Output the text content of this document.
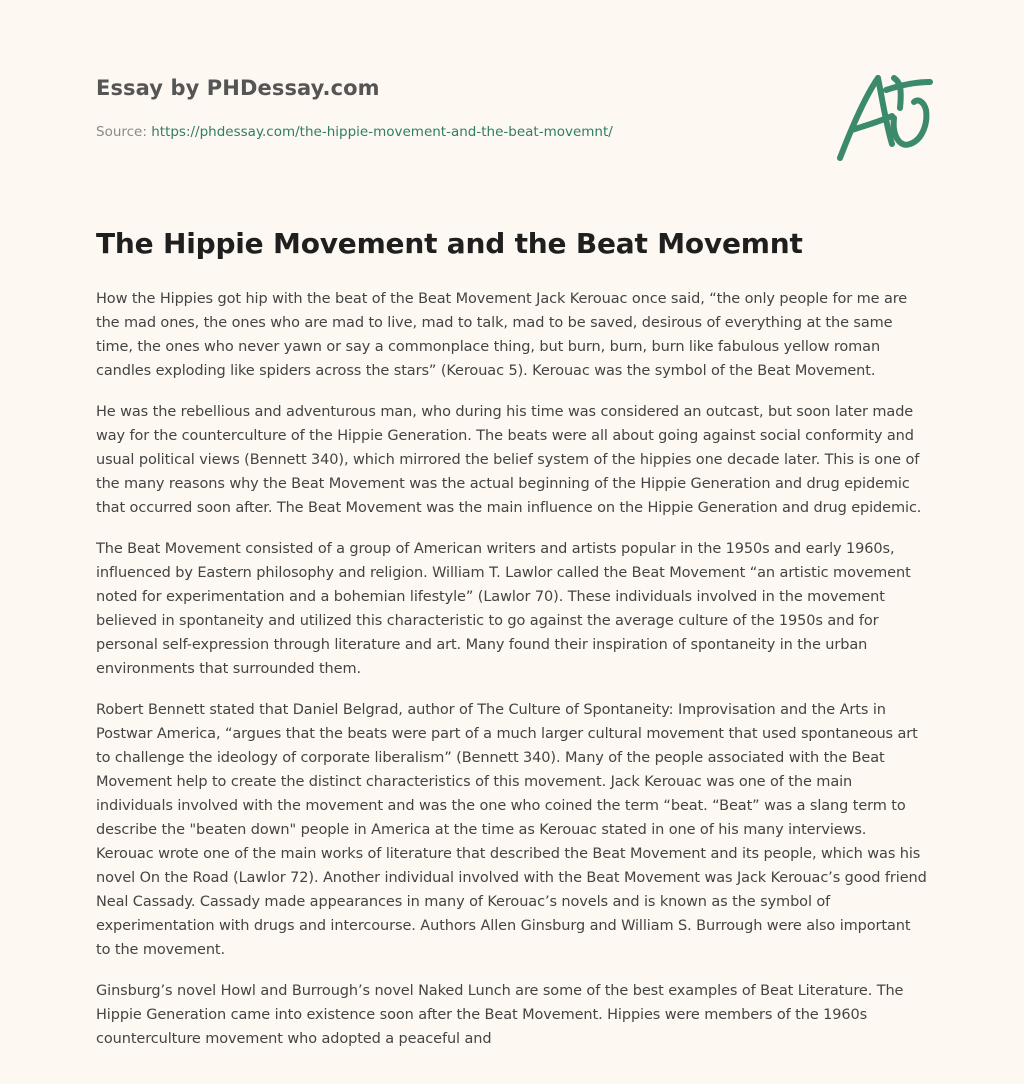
Essay by PHDessay.com
Source: https://phdessay.com/the-hippie-movement-and-the-beat-movemnt/
The Hippie Movement and the Beat Movemnt

How the Hippies got hip with the beat of the Beat Movement Jack Kerouac once said, “the only people for me are the mad ones, the ones who are mad to live, mad to talk, mad to be saved, desirous of everything at the same time, the ones who never yawn or say a commonplace thing, but burn, burn, burn like fabulous yellow roman candles exploding like spiders across the stars” (Kerouac 5). Kerouac was the symbol of the Beat Movement.

He was the rebellious and adventurous man, who during his time was considered an outcast, but soon later made way for the counterculture of the Hippie Generation. The beats were all about going against social conformity and usual political views (Bennett 340), which mirrored the belief system of the hippies one decade later. This is one of the many reasons why the Beat Movement was the actual beginning of the Hippie Generation and drug epidemic that occurred soon after. The Beat Movement was the main influence on the Hippie Generation and drug epidemic.

The Beat Movement consisted of a group of American writers and artists popular in the 1950s and early 1960s, influenced by Eastern philosophy and religion. William T. Lawlor called the Beat Movement “an artistic movement noted for experimentation and a bohemian lifestyle” (Lawlor 70). These individuals involved in the movement believed in spontaneity and utilized this characteristic to go against the average culture of the 1950s and for personal self-expression through literature and art. Many found their inspiration of spontaneity in the urban environments that surrounded them.

Robert Bennett stated that Daniel Belgrad, author of The Culture of Spontaneity: Improvisation and the Arts in Postwar America, “argues that the beats were part of a much larger cultural movement that used spontaneous art to challenge the ideology of corporate liberalism” (Bennett 340). Many of the people associated with the Beat Movement help to create the distinct characteristics of this movement. Jack Kerouac was one of the main individuals involved with the movement and was the one who coined the term “beat. “Beat” was a slang term to describe the "beaten down" people in America at the time as Kerouac stated in one of his many interviews. Kerouac wrote one of the main works of literature that described the Beat Movement and its people, which was his novel On the Road (Lawlor 72). Another individual involved with the Beat Movement was Jack Kerouac’s good friend Neal Cassady. Cassady made appearances in many of Kerouac’s novels and is known as the symbol of experimentation with drugs and intercourse. Authors Allen Ginsburg and William S. Burrough were also important to the movement.

Ginsburg’s novel Howl and Burrough’s novel Naked Lunch are some of the best examples of Beat Literature. The Hippie Generation came into existence soon after the Beat Movement. Hippies were members of the 1960s counterculture movement who adopted a peaceful and
